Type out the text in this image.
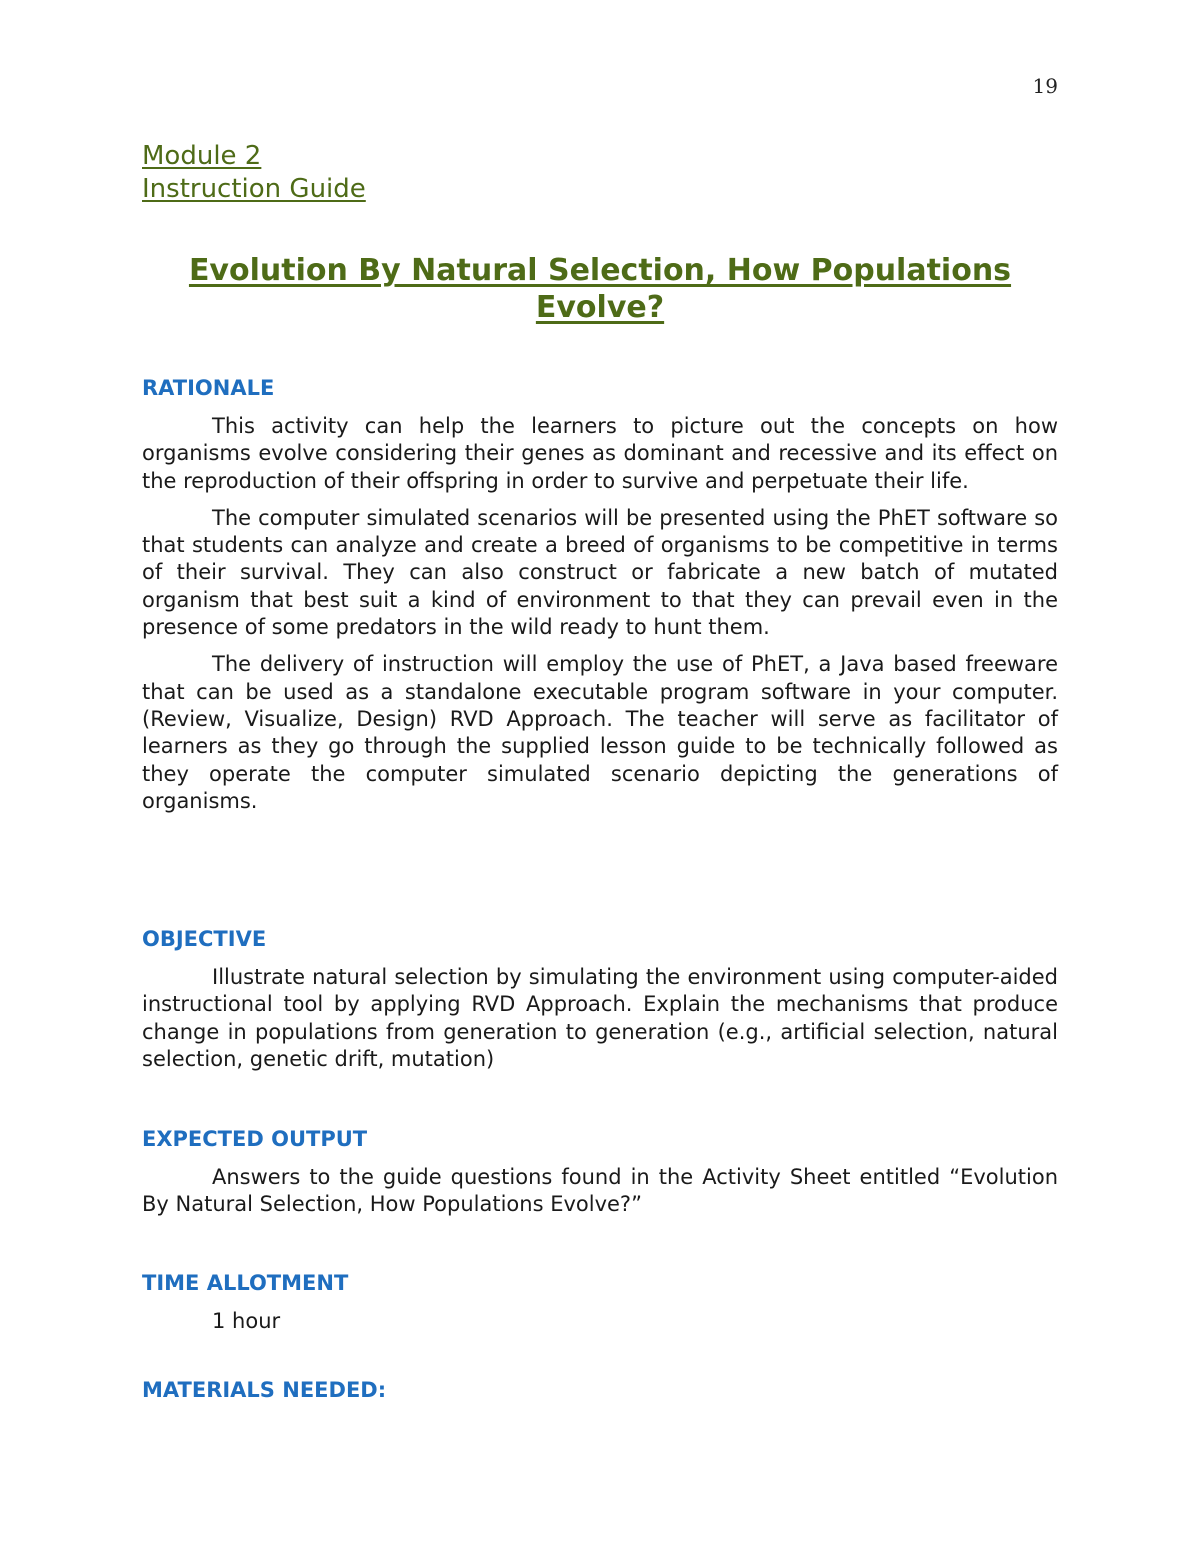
19
Module 2
Instruction Guide
Evolution By Natural Selection, How Populations Evolve?
RATIONALE

This activity can help the learners to picture out the concepts on how organisms evolve considering their genes as dominant and recessive and its effect on the reproduction of their offspring in order to survive and perpetuate their life.

The computer simulated scenarios will be presented using the PhET software so that students can analyze and create a breed of organisms to be competitive in terms of their survival. They can also construct or fabricate a new batch of mutated organism that best suit a kind of environment to that they can prevail even in the presence of some predators in the wild ready to hunt them.

The delivery of instruction will employ the use of PhET, a Java based freeware that can be used as a standalone executable program software in your computer. (Review, Visualize, Design) RVD Approach. The teacher will serve as facilitator of learners as they go through the supplied lesson guide to be technically followed as they operate the computer simulated scenario depicting the generations of organisms.

OBJECTIVE

Illustrate natural selection by simulating the environment using computer-aided instructional tool by applying RVD Approach. Explain the mechanisms that produce change in populations from generation to generation (e.g., artificial selection, natural selection, genetic drift, mutation)

EXPECTED OUTPUT

Answers to the guide questions found in the Activity Sheet entitled “Evolution By Natural Selection, How Populations Evolve?”

TIME ALLOTMENT
1 hour
MATERIALS NEEDED:
